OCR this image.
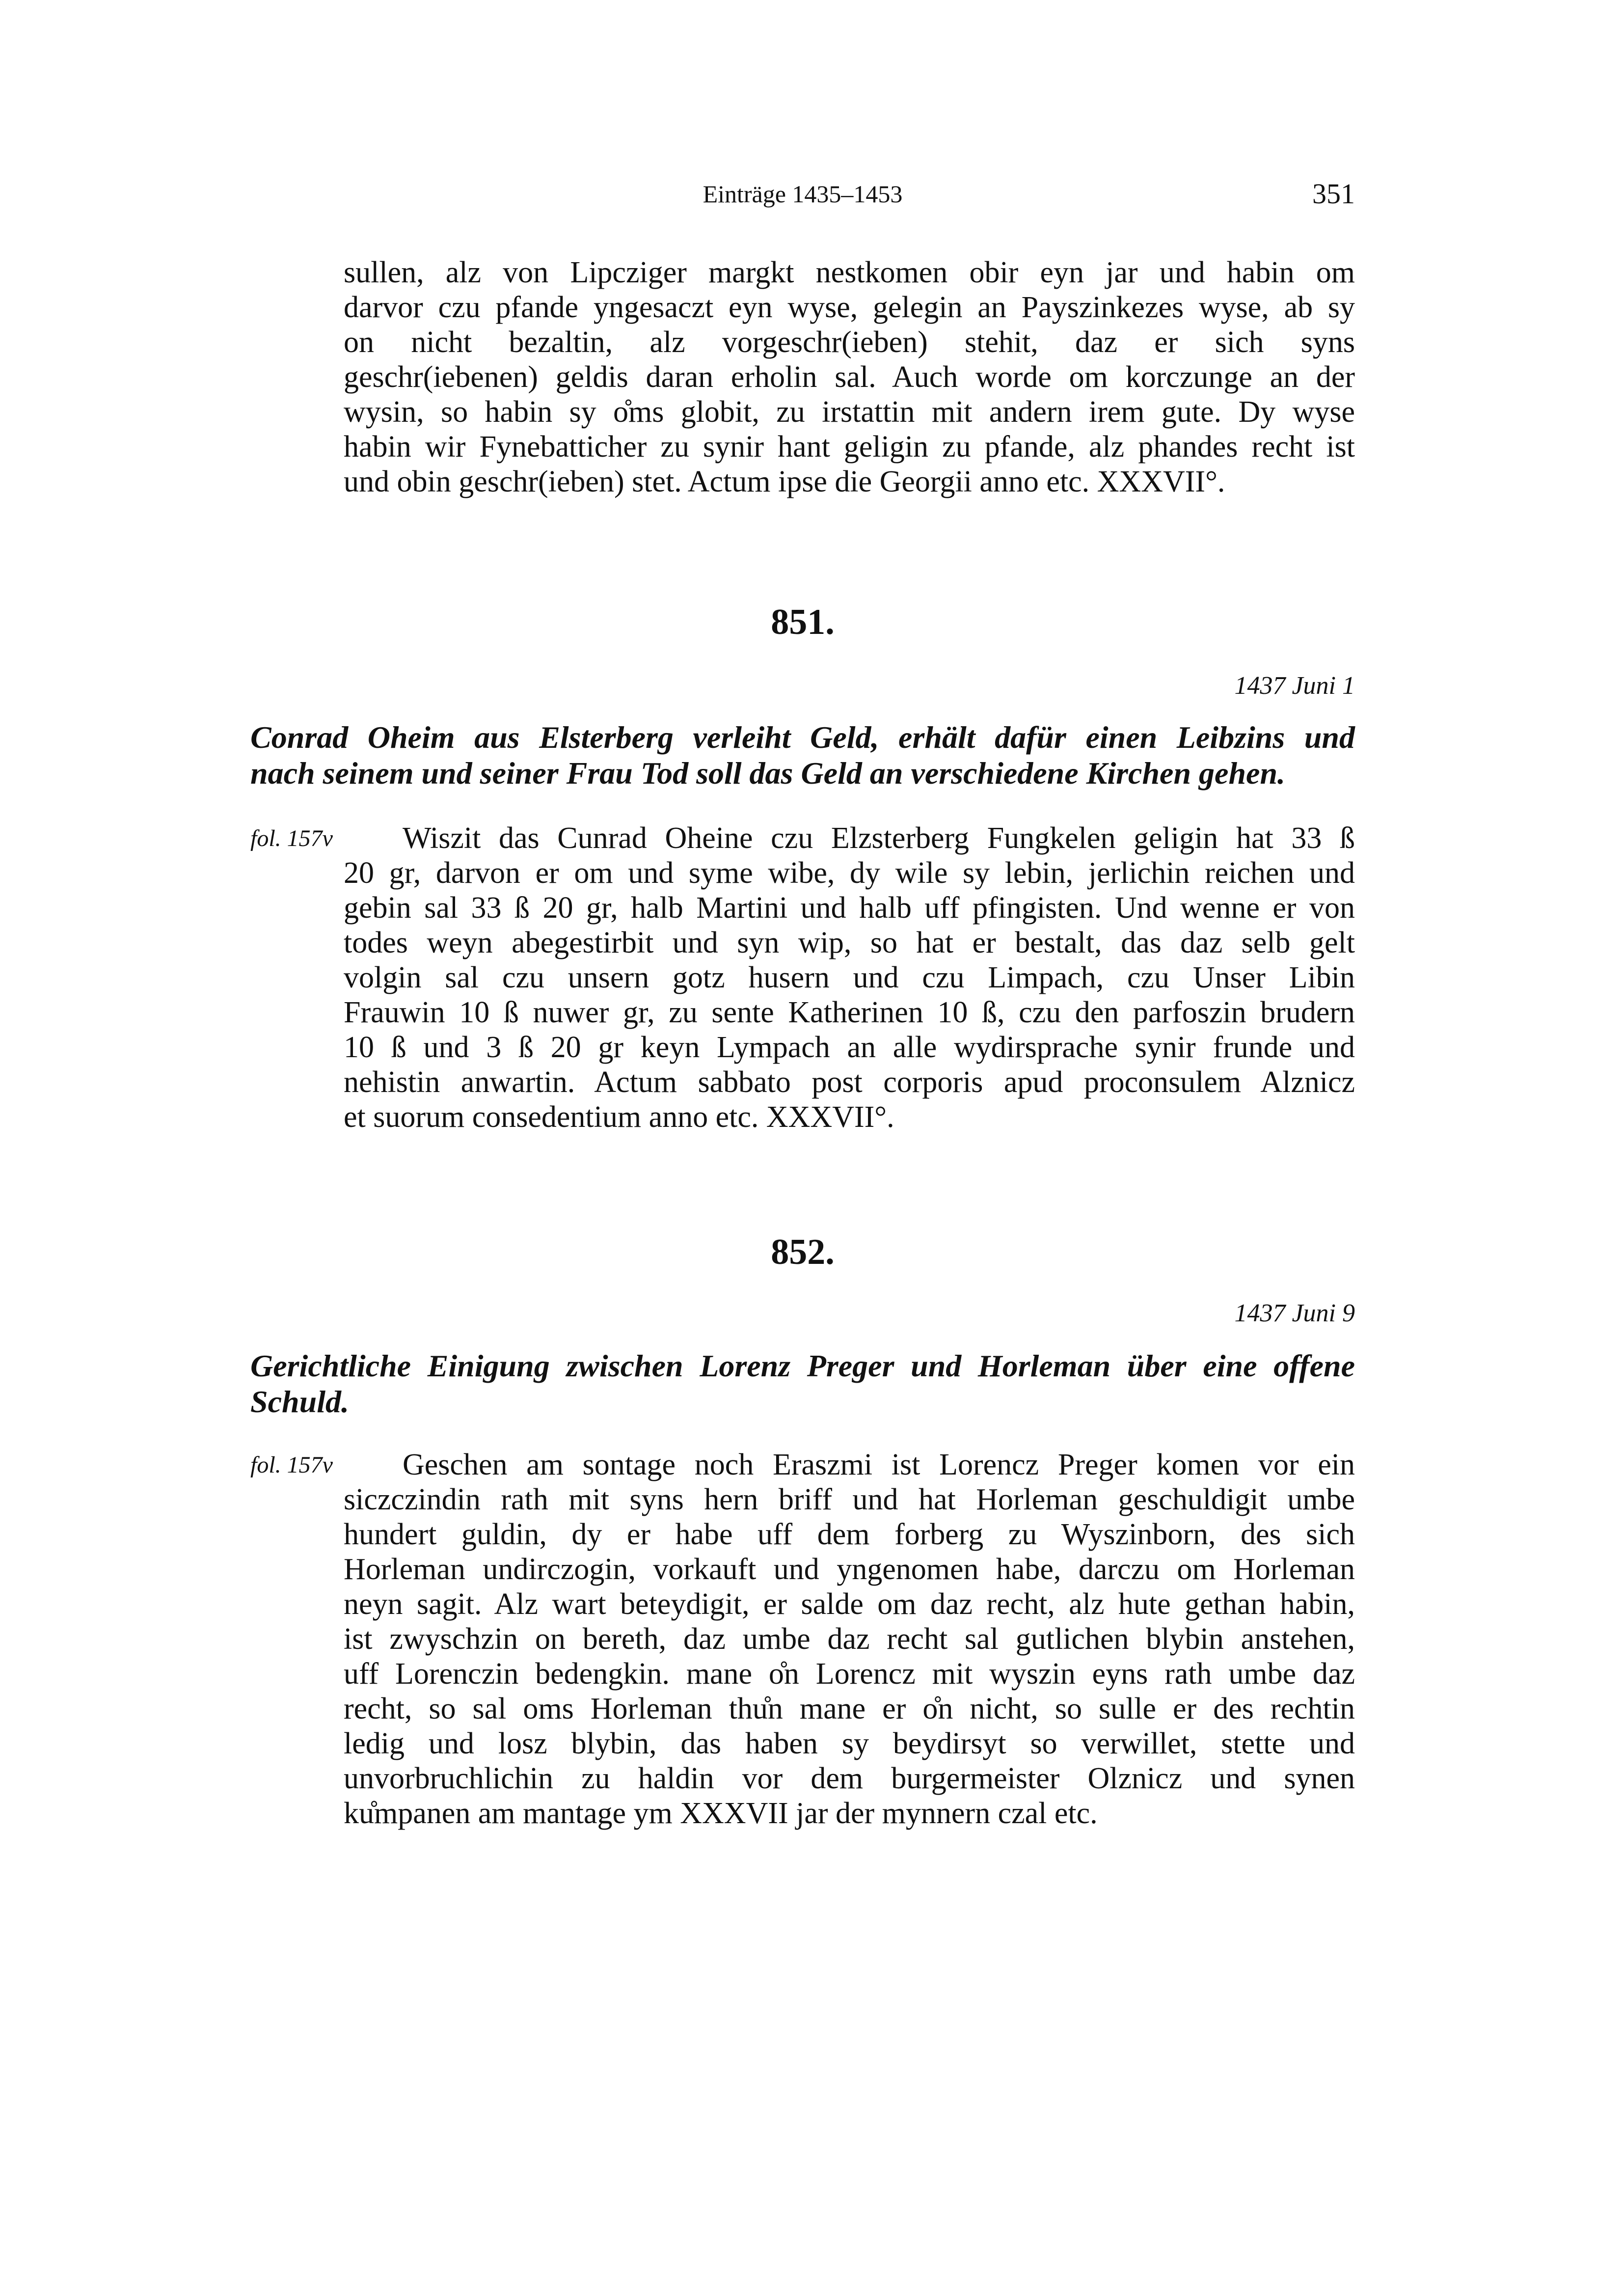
Einträge 1435–1453	351
sullen, alz von Lipcziger margkt nestkomen obir eyn jar und habin om
darvor czu pfande yngesaczt eyn wyse, gelegin an Payszinkezes wyse, ab sy
on nicht bezaltin, alz vorgeschr(ieben) stehit, daz er sich syns
geschr(iebenen) geldis daran erholin sal. Auch worde om korczunge an der
wysin, so habin sy o͏̊ms globit, zu irstattin mit andern irem gute. Dy wyse
habin wir Fynebatticher zu synir hant geligin zu pfande, alz phandes recht ist
und obin geschr(ieben) stet. Actum ipse die Georgii anno etc. XXXVII°.
851.
1437 Juni 1
Conrad Oheim aus Elsterberg verleiht Geld, erhält dafür einen Leibzins und
nach seinem und seiner Frau Tod soll das Geld an verschiedene Kirchen gehen.
fol. 157v	Wiszit das Cunrad Oheine czu Elzsterberg Fungkelen geligin hat 33 ß
20 gr, darvon er om und syme wibe, dy wile sy lebin, jerlichin reichen und
gebin sal 33 ß 20 gr, halb Martini und halb uff pfingisten. Und wenne er von
todes weyn abegestirbit und syn wip, so hat er bestalt, das daz selb gelt
volgin sal czu unsern gotz husern und czu Limpach, czu Unser Libin
Frauwin 10 ß nuwer gr, zu sente Katherinen 10 ß, czu den parfoszin brudern
10 ß und 3 ß 20 gr keyn Lympach an alle wydirsprache synir frunde und
nehistin anwartin. Actum sabbato post corporis apud proconsulem Alznicz
et suorum consedentium anno etc. XXXVII°.
852.
1437 Juni 9
Gerichtliche Einigung zwischen Lorenz Preger und Horleman über eine offene
Schuld.
fol. 157v	Geschen am sontage noch Eraszmi ist Lorencz Preger komen vor ein
siczczindin rath mit syns hern briff und hat Horleman geschuldigit umbe
hundert guldin, dy er habe uff dem forberg zu Wyszinborn, des sich
Horleman undirczogin, vorkauft und yngenomen habe, darczu om Horleman
neyn sagit. Alz wart beteydigit, er salde om daz recht, alz hute gethan habin,
ist zwyschzin on bereth, daz umbe daz recht sal gutlichen blybin anstehen,
uff Lorenczin bedengkin. mane o͏̊n Lorencz mit wyszin eyns rath umbe daz
recht, so sal oms Horleman thu͏̊n mane er o͏̊n nicht, so sulle er des rechtin
ledig und losz blybin, das haben sy beydirsyt so verwillet, stette und
unvorbruchlichin zu haldin vor dem burgermeister Olznicz und synen
ku͏̊mpanen am mantage ym XXXVII jar der mynnern czal etc.
